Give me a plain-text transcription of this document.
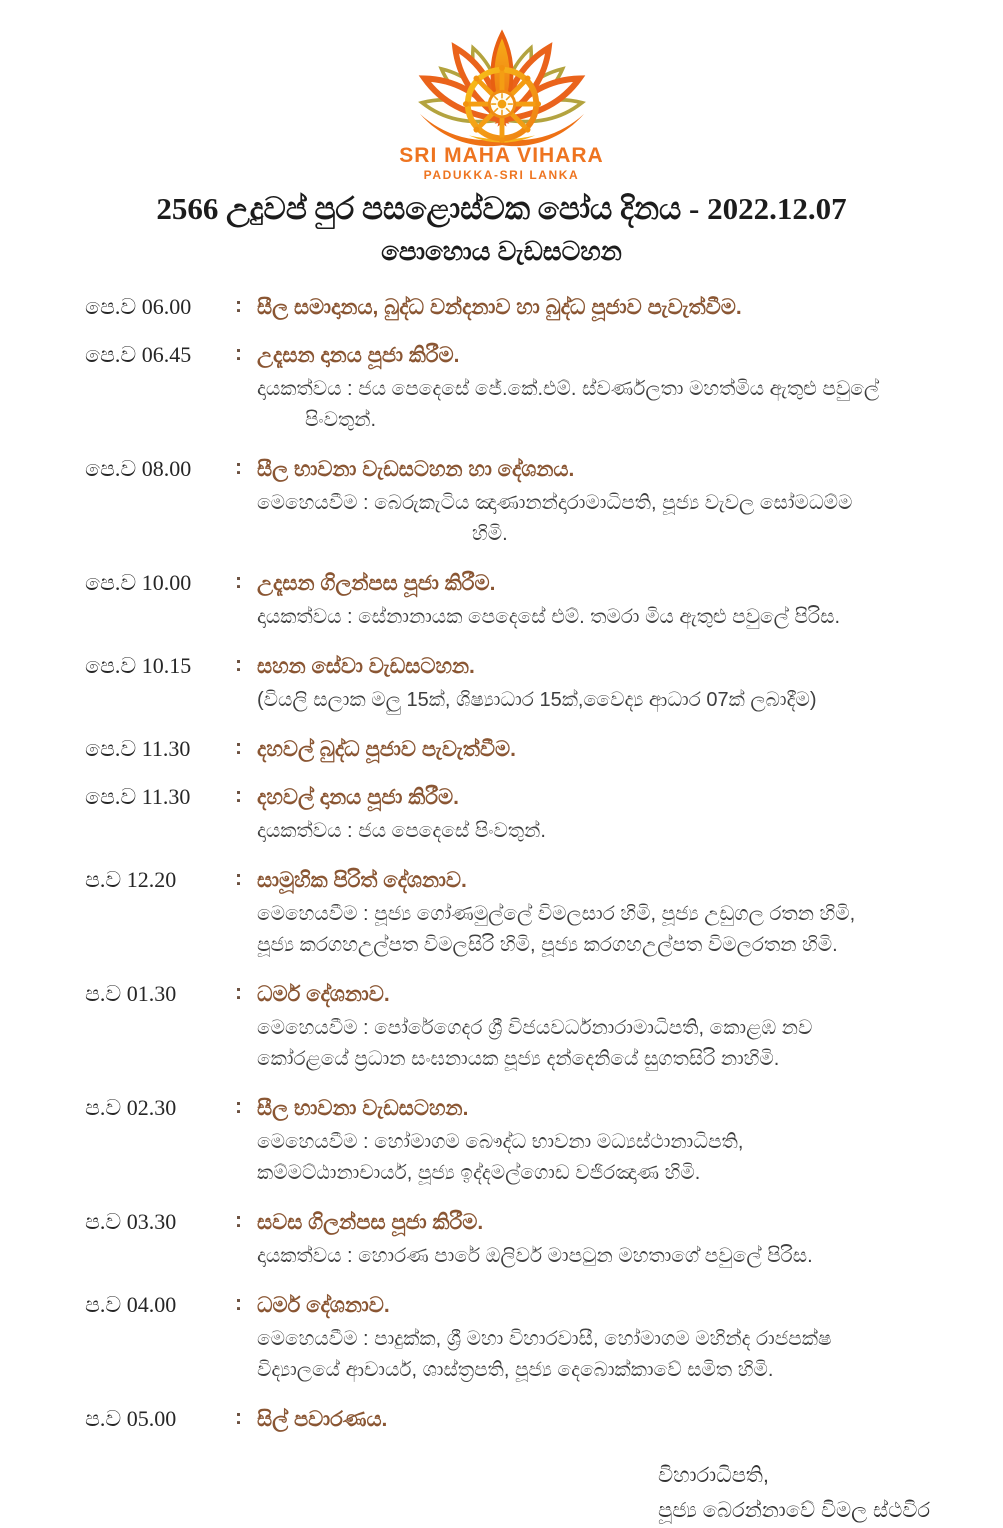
SRI MAHA VIHARA
PADUKKA-SRI LANKA
2566 උදුවප් පුර පසළොස්වක පෝය දිනය - 2022.12.07
පොහොය වැඩසටහන
පෙ.ව 06.00	: සීල සමාදානය, බුද්ධ වන්දනාව හා බුද්ධ පූජාව පැවැත්වීම.
පෙ.ව 06.45	: උදෑසන දානය පූජා කිරීම.
දායකත්වය : ජය පෙදෙසේ ජේ.කේ.එම්. ස්වර්ණලතා මහත්මිය ඇතුළු පවුලේ
පිංවතුන්.
පෙ.ව 08.00	: සීල භාවනා වැඩසටහන හා දේශනය.
මෙහෙයවීම : බෙරුකැටිය ඤාණානන්දාරාමාධිපති, පූජ්‍ය වැවල සෝමධම්ම
හිමි.
පෙ.ව 10.00	: උදෑසන ගිලන්පස පූජා කිරීම.
දායකත්වය : සේනානායක පෙදෙසේ එම්. තමරා මිය ඇතුළු පවුලේ පිරිස.
පෙ.ව 10.15	: සහන සේවා වැඩසටහන.
(වියලි සලාක මලු 15ක්, ශිෂ්‍යාධාර 15ක්,වෛද්‍ය ආධාර 07ක් ලබාදීම)
පෙ.ව 11.30	: දහවල් බුද්ධ පූජාව පැවැත්වීම.
පෙ.ව 11.30	: දහවල් දානය පූජා කිරීම.
දායකත්වය : ජය පෙදෙසේ පිංවතුන්.
ප.ව 12.20	: සාමූහික පිරිත් දේශනාව.
මෙහෙයවීම : පූජ්‍ය ගෝණමුල්ලේ විමලසාර හිමි, පූජ්‍ය උඩුගල රතන හිමි,
පූජ්‍ය කරගහඋල්පත විමලසිරි හිමි, පූජ්‍ය කරගහඋල්පත විමලරතන හිමි.
ප.ව 01.30	: ධර්ම දේශනාව.
මෙහෙයවීම : පෝරේගෙදර ශ්‍රී විජයවර්ධනාරාමාධිපති, කොළඹ නව
කෝරළයේ ප්‍රධාන සංඝනායක පූජ්‍ය දන්දෙනියේ සුගතසිරි නාහිමි.
ප.ව 02.30	: සීල භාවනා වැඩසටහන.
මෙහෙයවීම : හෝමාගම බෞද්ධ භාවනා මධ්‍යස්ථානාධිපති,
කම්මට්ඨානාචාර්ය, පූජ්‍ය ඉද්දමල්ගොඩ වජිරඤාණ හිමි.
ප.ව 03.30	: සවස ගිලන්පස පූජා කිරීම.
දායකත්වය : හොරණ පාරේ ඔලිවර් මාපටුන මහතාගේ පවුලේ පිරිස.
ප.ව 04.00	: ධර්ම දේශනාව.
මෙහෙයවීම : පාදුක්ක, ශ්‍රී මහා විහාරවාසී, හෝමාගම මහින්ද රාජපක්ෂ
විද්‍යාලයේ ආචාර්ය, ශාස්ත්‍රපති, පූජ්‍ය දෙබොක්කාවේ සමිත හිමි.
ප.ව 05.00	: සිල් පවාරණය.
විහාරාධිපති,
පූජ්‍ය බෙරන්නාවේ විමල ස්ථවිර
